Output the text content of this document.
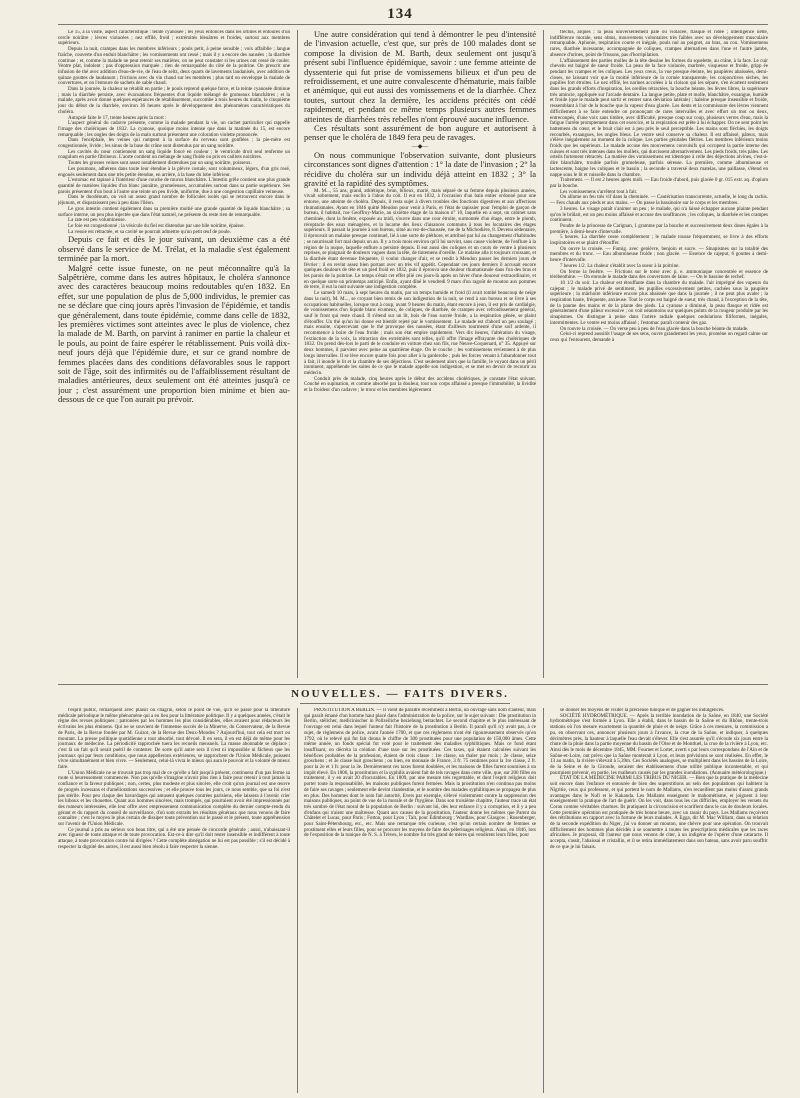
134

Le 15, à la visite, aspect caractéristique : teinte cyanosée ; les yeux enfoncés dans les orbites et entourés d'un cercle noirâtre ; lèvres violacées ; nez effilé, froid ; extrémités bleuâtres et froides, surtout aux membres supérieurs.

Depuis la nuit, crampes dans les membres inférieurs ; pouls petit, à peine sensible ; voix affaiblie ; langue fraîche, couverte d'un enduit blanchâtre ; les vomissements ont cessé ; mais il y a encore des nausées ; la diarrhée continue ; et, comme la malade ne peut retenir ses matières, on ne peut constater si les urines ont cessé de couler. Ventre plat, indolent ; pas d'oppression marquée ; rien de remarquable du côté de la poitrine. On prescrit une infusion de thé avec addition d'eau-de-vie, de l'eau de seltz, deux quarts de lavements laudanisés, avec addition de quinze gouttes de laudanum ; frictions avec du vin chaud sur les membres ; plus tard on enveloppe la malade de couvertures, et on l'entoure de sachets de sable chaud.

Dans la journée, la chaleur se rétablit en partie ; le pouls reprend quelque force, et la teinte cyanosée diminue ; mais la diarrhée persiste, avec évacuations fréquentes d'un liquide mélangé de grumeaux blanchâtres ; et la malade, après avoir donné quelques espérances de rétablissement, succombe à trois heures du matin, le cinquième jour du début de la diarrhée, environ 36 heures après le développement des phénomènes caractéristiques du choléra.

Autopsie faite le 17, trente heures après la mort :

L'aspect général du cadavre présente, comme la malade pendant la vie, un cachet particulier qui rappelle l'image des cholériques de 1832. La cyanose, quoique moins intense que dans la matinée du 15, est encore remarquable ; les ongles des doigts de la main surtout présentent une coloration violette prononcée.

Dans l'encéphale, les veines qui rampent à la surface du cerveau sont gonflées ; la pie-mère est congestionnée, livide ; les sinus de la base du crâne sont distendus par un sang noirâtre.

Les cavités du cœur contiennent un sang liquide foncé en couleur ; le ventricule droit seul renferme un coagulum en partie fibrineux. L'aorte contient un mélange de sang fluide ou pris en caillots noirâtres.

Toutes les grosses veines sont assez notablement distendues par un sang noirâtre, poisseux.

Les poumons, adhérens dans toute leur étendue à la plèvre costale, sont volumineux, légers, d'un gris rosé, engoués seulement dans une très petite étendue, en arrière, à la base du lobe inférieur.

L'estomac est tapissé à l'intérieur d'une couche de mucus blanchâtre. L'intestin grêle contient une plus grande quantité de matières liquides d'un blanc jaunâtre, grumeleuses, accumulées surtout dans sa partie supérieure. Ses parois présentent d'un bout à l'autre une teinte un peu livide, uniforme, due à une congestion capillaire veineuse.

Dans le duodénum, on voit un assez grand nombre de follicules isolés qui se retrouvent encore dans le jéjunum, et disparaissent peu à peu dans l'iléon.

Le gros intestin contient également dans sa première moitié une grande quantité de liquide blanchâtre ; sa surface interne, un peu plus injectée que dans l'état naturel, ne présente du reste rien de remarquable.

La rate est peu volumineuse.

Le foie est congestionné ; la vésicule du fiel est distendue par une bile noirâtre, épaisse.

La vessie est rétractée, et sa cavité ne pourrait admettre qu'un petit œuf de poule.

Depuis ce fait et dès le jour suivant, un deuxième cas a été observé dans le service de M. Trélat, et la maladie s'est également terminée par la mort.

Malgré cette issue funeste, on ne peut méconnaître qu'à la Salpêtrière, comme dans les autres hôpitaux, le choléra s'annonce avec des caractères beaucoup moins redoutables qu'en 1832. En effet, sur une population de plus de 5,000 individus, le premier cas ne se déclare que cinq jours après l'invasion de l'épidémie, et tandis que généralement, dans toute épidémie, comme dans celle de 1832, les premières victimes sont atteintes avec le plus de violence, chez la malade de M. Barth, on parvint à ranimer en partie la chaleur et le pouls, au point de faire espérer le rétablissement. Puis voilà dix-neuf jours déjà que l'épidémie dure, et sur ce grand nombre de femmes placées dans des conditions défavorables sous le rapport soit de l'âge, soit des infirmités ou de l'affaiblissement résultant de maladies antérieures, deux seulement ont été atteintes jusqu'à ce jour ; c'est assurément une proportion bien minime et bien au-dessous de ce que l'on aurait pu prévoir.

Une autre considération qui tend à démontrer le peu d'intensité de l'invasion actuelle, c'est que, sur près de 100 malades dont se compose la division de M. Barth, deux seulement ont jusqu'à présent subi l'influence épidémique, savoir : une femme atteinte de dyssenterie qui fut prise de vomissemens bilieux et d'un peu de refroidissement, et une autre convalescente d'hématurie, mais faible et anémique, qui eut aussi des vomissemens et de la diarrhée. Chez toutes, surtout chez la dernière, les accidens précités ont cédé rapidement, et pendant ce même temps plusieurs autres femmes atteintes de diarrhées très rebelles n'ont éprouvé aucune influence.

Ces résultats sont assurément de bon augure et autorisent à penser que le choléra de 1849 fera peu de ravages.

—◆—

On nous communique l'observation suivante, dont plusieurs circonstances sont dignes d'attention : 1° la date de l'invasion ; 2° la récidive du choléra sur un individu déjà atteint en 1832 ; 3° la gravité et la rapidité des symptômes.

M. M..., 55 ans, grand, athlétique, brun, bilieux, marié, mais séparé de sa femme depuis plusieurs années, vivait sobrement, mais enclin à l'abus du coït. Il eut en 1832, à l'occasion d'un bain entier ordonné pour une entorse, une atteinte de choléra. Depuis, il resta sujet à divers troubles des fonctions digestives et aux affections rhumatismales. Ayant en 1846 quitté Meudon pour venir à Paris, et l'état de tapissier pour l'emploi de garçon de bureau, il habitait, rue Geoffroy-Marie, au sixième étage de la maison n° 10, laquelle en a sept, un cabinet sans cheminée, dont la fenêtre, exposée au midi, s'ouvre dans une cour étroite, surmontée d'un étage, entre le plomb, réceptacle des eaux ménagères, et la lucarne des lieux d'aisances communs à tous les locataires des étages supérieurs. Il passait la journée à son bureau, situé au rez-de-chaussée, rue de la Michodière, 8. Devenu sédentaire, il éprouvait un malaise presque continuel, lié à une sorte de pléthore, et attribué par lui au changement d'habitudes ; se nourrissait fort mal depuis un an. Il y a trois mois environ qu'il lui survint, sans cause violente, de l'enflure à la région de la nuque, laquelle enflure a persisté depuis. Il eut aussi des coliques et un cours de ventre à plusieurs reprises, se plaignait de douleurs vagues dans la tête, de tintemens d'oreille. Ce malaise alla it toujours croissant, et la diarrhée étant devenue fréquente, il voulut changer d'air, et se rendit à Meudon passer les derniers jours de février ; il en revint assez bien portant avec un très vif appétit. Cependant ces jours derniers il accusait encore quelques douleurs de tête et un pied froid en 1832, puis il éprouva une douleur rhumatismale dans l'un des bras et les parois de la poitrine. Le temps s'était cet effet plié ces jours-là après un hiver d'une douceur extraordinaire, et en quelque sorte un printemps anticipé. Enfin, ayant dîné le vendredi 9 mars d'un ragoût de mouton aux pommes de terre, il eut la nuit suivante une indigestion complète.

Le samedi 10 mars, à sept heures du matin, par un temps humide et froid (il avait tombé beaucoup de neige dans la nuit), M. M..., se croyant bien remis de son indigestion de la nuit, se rend à son bureau et se livre à ses occupations habituelles, lorsque tout à coup, avant 9 heures du matin, étant encore à jeun, il est pris de cardialgie, de vomissemens d'un liquide blanc écumeux, de coliques, de diarrhée, de crampes avec refroidissement général, sauf le front qui reste chaud. Il s'étend sur un lit, bois de l'eau sucrée froide, a la respiration gênée, se plaint d'étouffer. Un thé qu'un lui donne est bientôt rejeté par le vomissement. Le malade est d'abord un peu soulagé ; mais ensuite, s'apercevant que le thé provoque des nausées, étant d'ailleurs tourmenté d'une soif ardente, il recommence à boire de l'eau froide ; mais son état empire rapidement. Vers dix heures, l'altération du visage, l'extinction de la voix, la rétraction des extrémités sont telles, qu'il offre l'image effrayante des cholériques de 1832. On prend dès-lors le parti de le conduire en voiture chez son fils, rue Neuve-Coquenard, n° 35. Appuyé sur deux hommes, il parvient avec peine au quatrième étage. On le couche ; les vomissemens reviennent à de plus longs intervalles. Il se lève encore quatre fois pour aller à la garderobe ; puis les forces venant à l'abandonner tout à fait, il inonde le lit et la chambre de ses déjections. C'est seulement alors que la famille, le voyant dans un péril imminent, appréhende les suites de ce que le malade appelle son indigestion, et se met en devoir de recourir au médecin.

Conduit près de malade, cinq heures après le début des accidens cholériques, je constate l'état suivant. Couché en supination, et comme absorbé par la douleur, tout son corps affaissé a presque l'immobilité, la lividité et la froideur d'un cadavre ; le tronc et les membres légèrement

fléchis, arqués ; la peau universellement pâle ou violacée, flasque et ridée ; intelligence nette, indifférence morale, sens obtus, mouvemens volontaires très faibles avec un développement musculaire remarquable. Aphonie, respiration courte et inégale, pouls nul au poignet, au bras, au cou. Vomissemens rares, diarrhée incessante, accompagnée de coliques, crampes alternatives dans l'une et l'autre jambe, absence d'urines, point de frissons, pas d'horripilation.

L'affaissement des parties molles de la tête dessine les formes du squelette, au crâne, à la face. Le cuir chevelu est baigné de sueur froide. La peau de la face violacée, marbrée, visqueuse et froide, gripp ée pendant les crampes et les coliques. Les yeux creux, la vue presque éteinte, les paupières abaissées, demi-closes, ne laissant voir que la moitié inférieure de la cornée transparente, les conjonctives sèches, les pupilles fort étroites. Le nez effilé, les narines accolées à la cloison qui les sépare, s'en écartent seulement dans les grands efforts d'inspiration, les oreilles rétractées, la bouche béante, les lèvres libres, la supérieure très amincie, appliquée sur l'arcade dentaire. La langue petite, plate et molle, blanchâtre, exsangue, humide et froide (que le malade peut sortir et rentrer sans déviation latérale) ; haleine presque insensible et froide, ressemblant à l'air de la bouche que la vapeur d'eau glacée. Les dents et la commissure des lèvres viennent difficilement à se faire entendre on prononçant de rares intervalles et avec effort un mot ou deux, entrecoupés, d'une voix sans timbre, avec difficulté, presque coup sur coup, plusieurs verres d'eau, mais la fatigue l'arrête promptement dans cet exercice, et la respiration est prête à lui échapper. On ne sent point les battemens du cœur, et le bruit clair est à peu près le seul perceptible. Les mains sont fléchies, les doigts recourbés, exsangues, les ongles bleus. Le ventre seul conserve sa chaleur. Il est affaissé, pâteux, mais s'élève inégalement au moment de la colique. Les parties génitales flétries. Les membres inférieurs moins froids que les supérieurs. Le malade accuse des mouvemens convulsifs qui occupent la partie interne des cuisses et sont très intenses dans les mollets, qui durcissent alternativement. Les pieds froids, très pâles. Les orteils fortement rétractés. La matière des vomissemens est identique à celle des déjections alvines, c'est-à-dire blanchâtre, trouble parfois grumeleuse, parfois séreuse. La première, comme albumineuse et lactescente, baigne les coliques et le bassin ; la seconde a traversé deux matelas, une paillasse, s'étend en nappe sous le lit et ruisselle dans la chambre.

Traitement. — Il est 2 heures après midi. — Eau froide d'abord, puis glacée 0 gr. 015 extr. aq. d'opium par la bouche.

Les vomissemens s'arrêtent tout à fait.

On allume un feu très vif dans la cheminée. — Cautérisation transcurrente, actuelle, le long du rachis. — Fers chauds aux pieds et aux mains. — On passe la bassinoire sur le corps et les membres.

3 heures. Le visage paraît s'animer un peu ; le malade, qui n'a laissé échapper aucune plainte pendant qu'on le brûlait, est un peu moins affaissé et accuse des souffrances ; les coliques, la diarrhée et les crampes continuent.

Poudre de la princesse de Carignan, 1 gramme par la bouche et successivement deux doses égales à la première, à demi-heure d'intervalle.

5 heures. La diarrhée cesse complètement ; le malade tousse fréquemment, se livre à des efforts inspiratoires et se plaint d'étouffer.

On ouvre la croisée. — Fumig. avec genièvre, benjoin et sucre. — Sinapismes sur la totalité des membres et du tronc. — Eau albumineuse froide ; non glacée. — Essence de cajeput, 6 gouttes à demi-heure d'intervalle.

7 heures 1/2. La chaleur s'établit avec la sueur à la poitrine.

On ferme la fenêtre. — Frictions sur le torse avec p. e. ammoniaque concentrée et essence de térébenthine. — On enroule le malade dans des couvertures de laine. — On le bassine de rechef.

10 1/2 du soir. La chaleur est étouffante dans la chambre du malade. l'air imprégné des vapeurs du cajeput ; le malade privé de sentiment, les pupilles excessivement petites, cachées sous la paupière supérieure ; la mâchoire inférieure encore plus abaissée que dans la journée ; il ne peut plus avaler ; la respiration haute, fréquente, anxieuse. Tout le corps est baigné de sueur, très chaud, à l'exception de la tête, de la paume des mains et de la plante des pieds. La cyanose a diminué, la peau flasque et ridée est généralement d'une pâleur excessive ; on voit néanmoins sur quelques points de la rougeur produite par les sinapismes. On distingue à peine dans l'artère radiale quelques ondulations filiformes, inégales, intermittentes. Le ventre est moins affaissé ; l'estomac paraît contenir des gaz.

On rouvre la croisée. — On verse peu à peu de l'eau glacée dans la bouche béante du malade.

Celui-ci reprend aussitôt l'usage de ses sens, ouvre grandement les yeux, promène un regard calme sur ceux qui l'entourent, demande à

NOUVELLES. — FAITS DIVERS.

l'esprit public, remarquent avec plaisir ou chagrin, selon le point de vue, qu'il se passe pour la littérature médicale périodique le même phénomène qui a eu lieu pour la littérature politique. Il y a quelques années, c'était le règne des revues politiques ; patronées par les hommes les plus considérables, elles avaient pour rédacteurs les écrivains les plus éminens. Qui ne se souvient de l'immense succès de la Minerve, du Conservateur, de la Revue de Paris, de la Revue fondée par M. Guizot, de la Revue des Deux-Mondes ? Aujourd'hui, tout cela est mort ou mourant. La presse politique quotidienne a tout absorbé, tout dévoré. Il en sera, il en est déjà de même pour les journaux de médecine. La périodicité rapprochée tuera les recueils mensuels. La masse abonnable se déplace ; c'est là un fait qu'il serait puéril de contester. De sorte qu'il autre sera il n'est ni impossible ni fâcheux que les journaux qui par leurs conditions, que nous appellerons extérieures, se rapprochent de l'Union Médicale, puissent vivre simultanément et bien vivre. — Seulement, celui-là vivra le mieux qui aura le pouvoir et la volonté de mieux faire.

L'Union Médicale ne se trouvait pas trop mal de ce qu'elle a fait jusqu'à présent, continuera d'un pas ferme sa route si heureusement commencée. Non pas qu'elle s'imagine n'avoir plus rien à faire pour retenir à tout jamais la confiance et la faveur publiques ; non, certes, plus modeste et plus sincère, elle croit qu'un journal est une œuvre de progrès incessans et d'améliorations successives ; et elle prouve tous les jours, ce nous semble, que sa foi n'est pas stérile. Pour peu claque des bavardages qui amusent quelques contrées parisiens, elle laissera à l'avenir crier les hiboux et les chouettes. Quant aux hommes sincères, mais trompés, qui pourraient avoir été impressionnés par des rumeurs intéressées, elle leur offre avec empressement communication complète du dernier compte-rendu du gérant et du rapport du conseil de surveillance, d'où sont extraits les résultats généraux que nous venons de faire connaître ; c'est le moyen le plus certain de dissiper toute prévention sur le passé et le présent, toute appréhension sur l'avenir de l'Union Médicale.

Ce journal a pris au sérieux son beau titre, qui a été une pensée de concorde générale ; aussi, n'abaissant-il avec rigueur de toute attaque et de toute provocation. Est-ce-à dire qu'il doit rester insensible et indifférent à toute attaque, à toute provocation contre lui dirigées ? Cette complète abnégation ne lui est pas possible ; s'il est décidé à respecter la dignité des autres, il est aussi bien résolu à faire respecter la sienne.

PROSTITUTION A BERLIN. — Il vient de paraître récemment à Berlin, un ouvrage sans nom d'auteur, mais qui paraît émané d'un homme haut placé dans l'administration de la police, sur le sujet suivant : Die prostitution in Berlin, stélicher, medicinischer in Polizeiliche beziehung betrachtet. Le second chapitre et le plus intéressant de l'ouvrage est celui dans lequel l'auteur fait l'histoire de la prostitution à Berlin. Il paraît qu'il n'y avait pas, à ce sujet, de règlemens de police, avant l'année 1700, et que ces règlemens n'ont été rigoureusement observés qu'en 1792, où le relevé qui fut fait donna le chiffre de 300 prostituées pour une population de 150,000 âmes. Cette même année, un fonds spécial fut voté pour le traitement des maladies syphilitiques. Mais ce fond étant insuffisant, on décréta la création d'une taxe sur les prostituées. Ces taxes, qui étaient calculées suivant les bénéfices probables de la profession, étaient de trois classe : 1re classe, un thaler par mois ; 2e classe, seize groschens ; et 3e classe huit groschens ; ou bien, en monnaie de France, 3 fr. 75 centimes pour la 1re classe, 2 fr. pour la 2e et 1 fr. pour la 3e. Dernièrement ces taxes furent doublées, et les maisons de filles furent soumises à un impôt élevé. En 1806, la prostitution et la syphilis avaient fait de tels ravages dans cette ville, que, sur 200 filles en traitement, il y en avait 20 d'incurables. En 1809, par une mesure très regrettable, et dont l'esprit religieux doit porter toute la responsabilité, les maisons publiques furent fermées. Mais la prostitution n'en continua pas moins de faire ses ravages ; seulement elle devint clandestine, et le nombre des malades syphilitiques se propagea de plus en plus. Des hommes dont le nom fait autorité, Evers par exemple, s'élevé violemment contre la suppression des maisons publiques, au point de vue de la morale et de l'hygiène. Dans son troisième chapitre, l'auteur trace un état très sombre de l'état moral de la population de Berlin : suivant lui, dès leur enfance il y a corruption, et il y a peu d'enfans qui n'aient une maîtresse. Quant aux causes de la prostitution, l'auteur donne les mêmes que Parent du Châtelet et Lucas, pour Paris ; Fotton, pour Lyon ; Tait, pour Édimbourg ; Wardlaw, pour Glasgow ; Rosenberger, pour Saint-Pétersbourg, etc., etc. Mais une remarque très curieuse, c'est qu'un certain nombre de femmes se prostituent elles et leurs filles, pour se procurer les moyens de faire des pèlerinages religieux. Ainsi, en 1846, lors de l'exposition de la tunique de N. S. à Trèves, le nombre fut très grand de mères qui vendirent leurs filles, pour

se donner les moyens de visiter la précieuse tunique et de gagner les indulgences.

SOCIÉTÉ HYDROMÉTRIQUE. — Après la terrible inondation de la Saône, en 1840, une Société hydrométrique s'est formée à Lyon. Elle a établi, dans le bassin de la Saône et du Rhône, trente-trois stations où l'on mesure exactement la quantité de pluie et de neige. Grâce à ces mesures, la commission a pu, en observant ces, annoncer plusieurs jours à l'avance, la crue de la Saône, et indiquer, à quelques décimètres près, la hauteur à laquelle l'eau devait s'élever. Elle s'est assurée qu'il s'écoule six jours entre la chute de la pluie dans la partie moyenne du bassin de l'Oise et de Montluel, la crue de la rivière à Lyon, etc. Ainsi dès le mois de décembre 1845, MM. Fournet et Lortet, averti s par leurs correspondans de l'Ain et de Saône-et-Loire, ont prévu que la Saône monterait à Lyon, et leurs prévisions se sont réalisées. En effet, le 13 au matin, la rivière s'élevait à 5,39m. Ces Sociétés analogues, se multiplient dans les bassins de la Loire, de la Seine et de la Gironde, seraient des établissemens d'une utilité publique incontestable, et qui pourraient prévenir, en partie, les malheurs causés par les grandes inondations. (Annuaire météorologique.)

ÉTAT DE LA MÉDECINE PARMI LES TRIBUS DU NIGER. — Bien que la pratique de la médecine soit encore dans l'enfance et entourée de bien des superstitions au sein des populations qui habitent la Nigritie, ceux qui professent, et qui portent le nom de Mallams, n'en recueillent pas moins d'assez grands avantages dans le Nufi et le Kakanda. Les Mallams enseignent le mahométisme, et joignent à leur enseignement la pratique de l'art de guérir. On les voit, dans tous les cas difficiles, employer les versets du Coran comme véritables charmes. Ils pratiquent la circoncision et scarifient dans le cas de douleurs locales. Cette première opération est pratiquée de très bonne heure, avec un rasoir du pays. Les Mallams reçoivent des rétributions en rapport avec la fortune de leurs malades. À Egga, dit M. Mac William, dans sa relation de la seconde expédition du Niger, j'ai vu donner un mouton, une chèvre pour une opération. On trouvait difficilement des hommes plus décidés à se soumettre à toutes les prescriptions médicales que les races africaines. Je proposai, dit l'auteur que nous venons de citer, à un indigène de l'opérer d'une cataracte. Il accepta, s'assit, l'abaissai et cristallin, et il se retira immédiatement dans son bateau, sans avoir paru souffrir de ce que je lui faisais.
